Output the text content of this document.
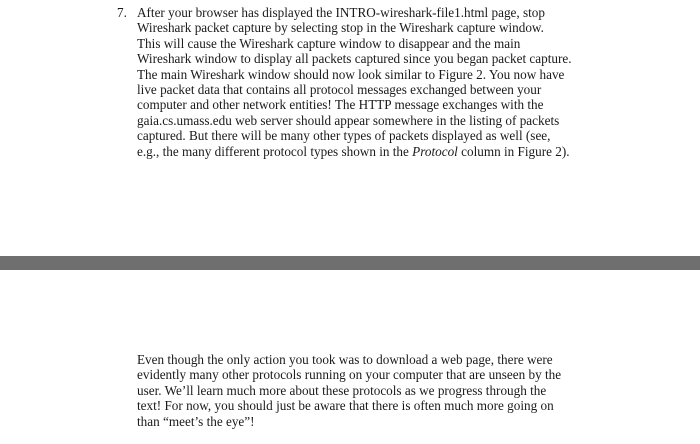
7. After your browser has displayed the INTRO-wireshark-file1.html page, stop
Wireshark packet capture by selecting stop in the Wireshark capture window.
This will cause the Wireshark capture window to disappear and the main
Wireshark window to display all packets captured since you began packet capture.
The main Wireshark window should now look similar to Figure 2. You now have
live packet data that contains all protocol messages exchanged between your
computer and other network entities! The HTTP message exchanges with the
gaia.cs.umass.edu web server should appear somewhere in the listing of packets
captured. But there will be many other types of packets displayed as well (see,
e.g., the many different protocol types shown in the Protocol column in Figure 2).

Even though the only action you took was to download a web page, there were
evidently many other protocols running on your computer that are unseen by the
user. We’ll learn much more about these protocols as we progress through the
text! For now, you should just be aware that there is often much more going on
than “meet’s the eye”!
